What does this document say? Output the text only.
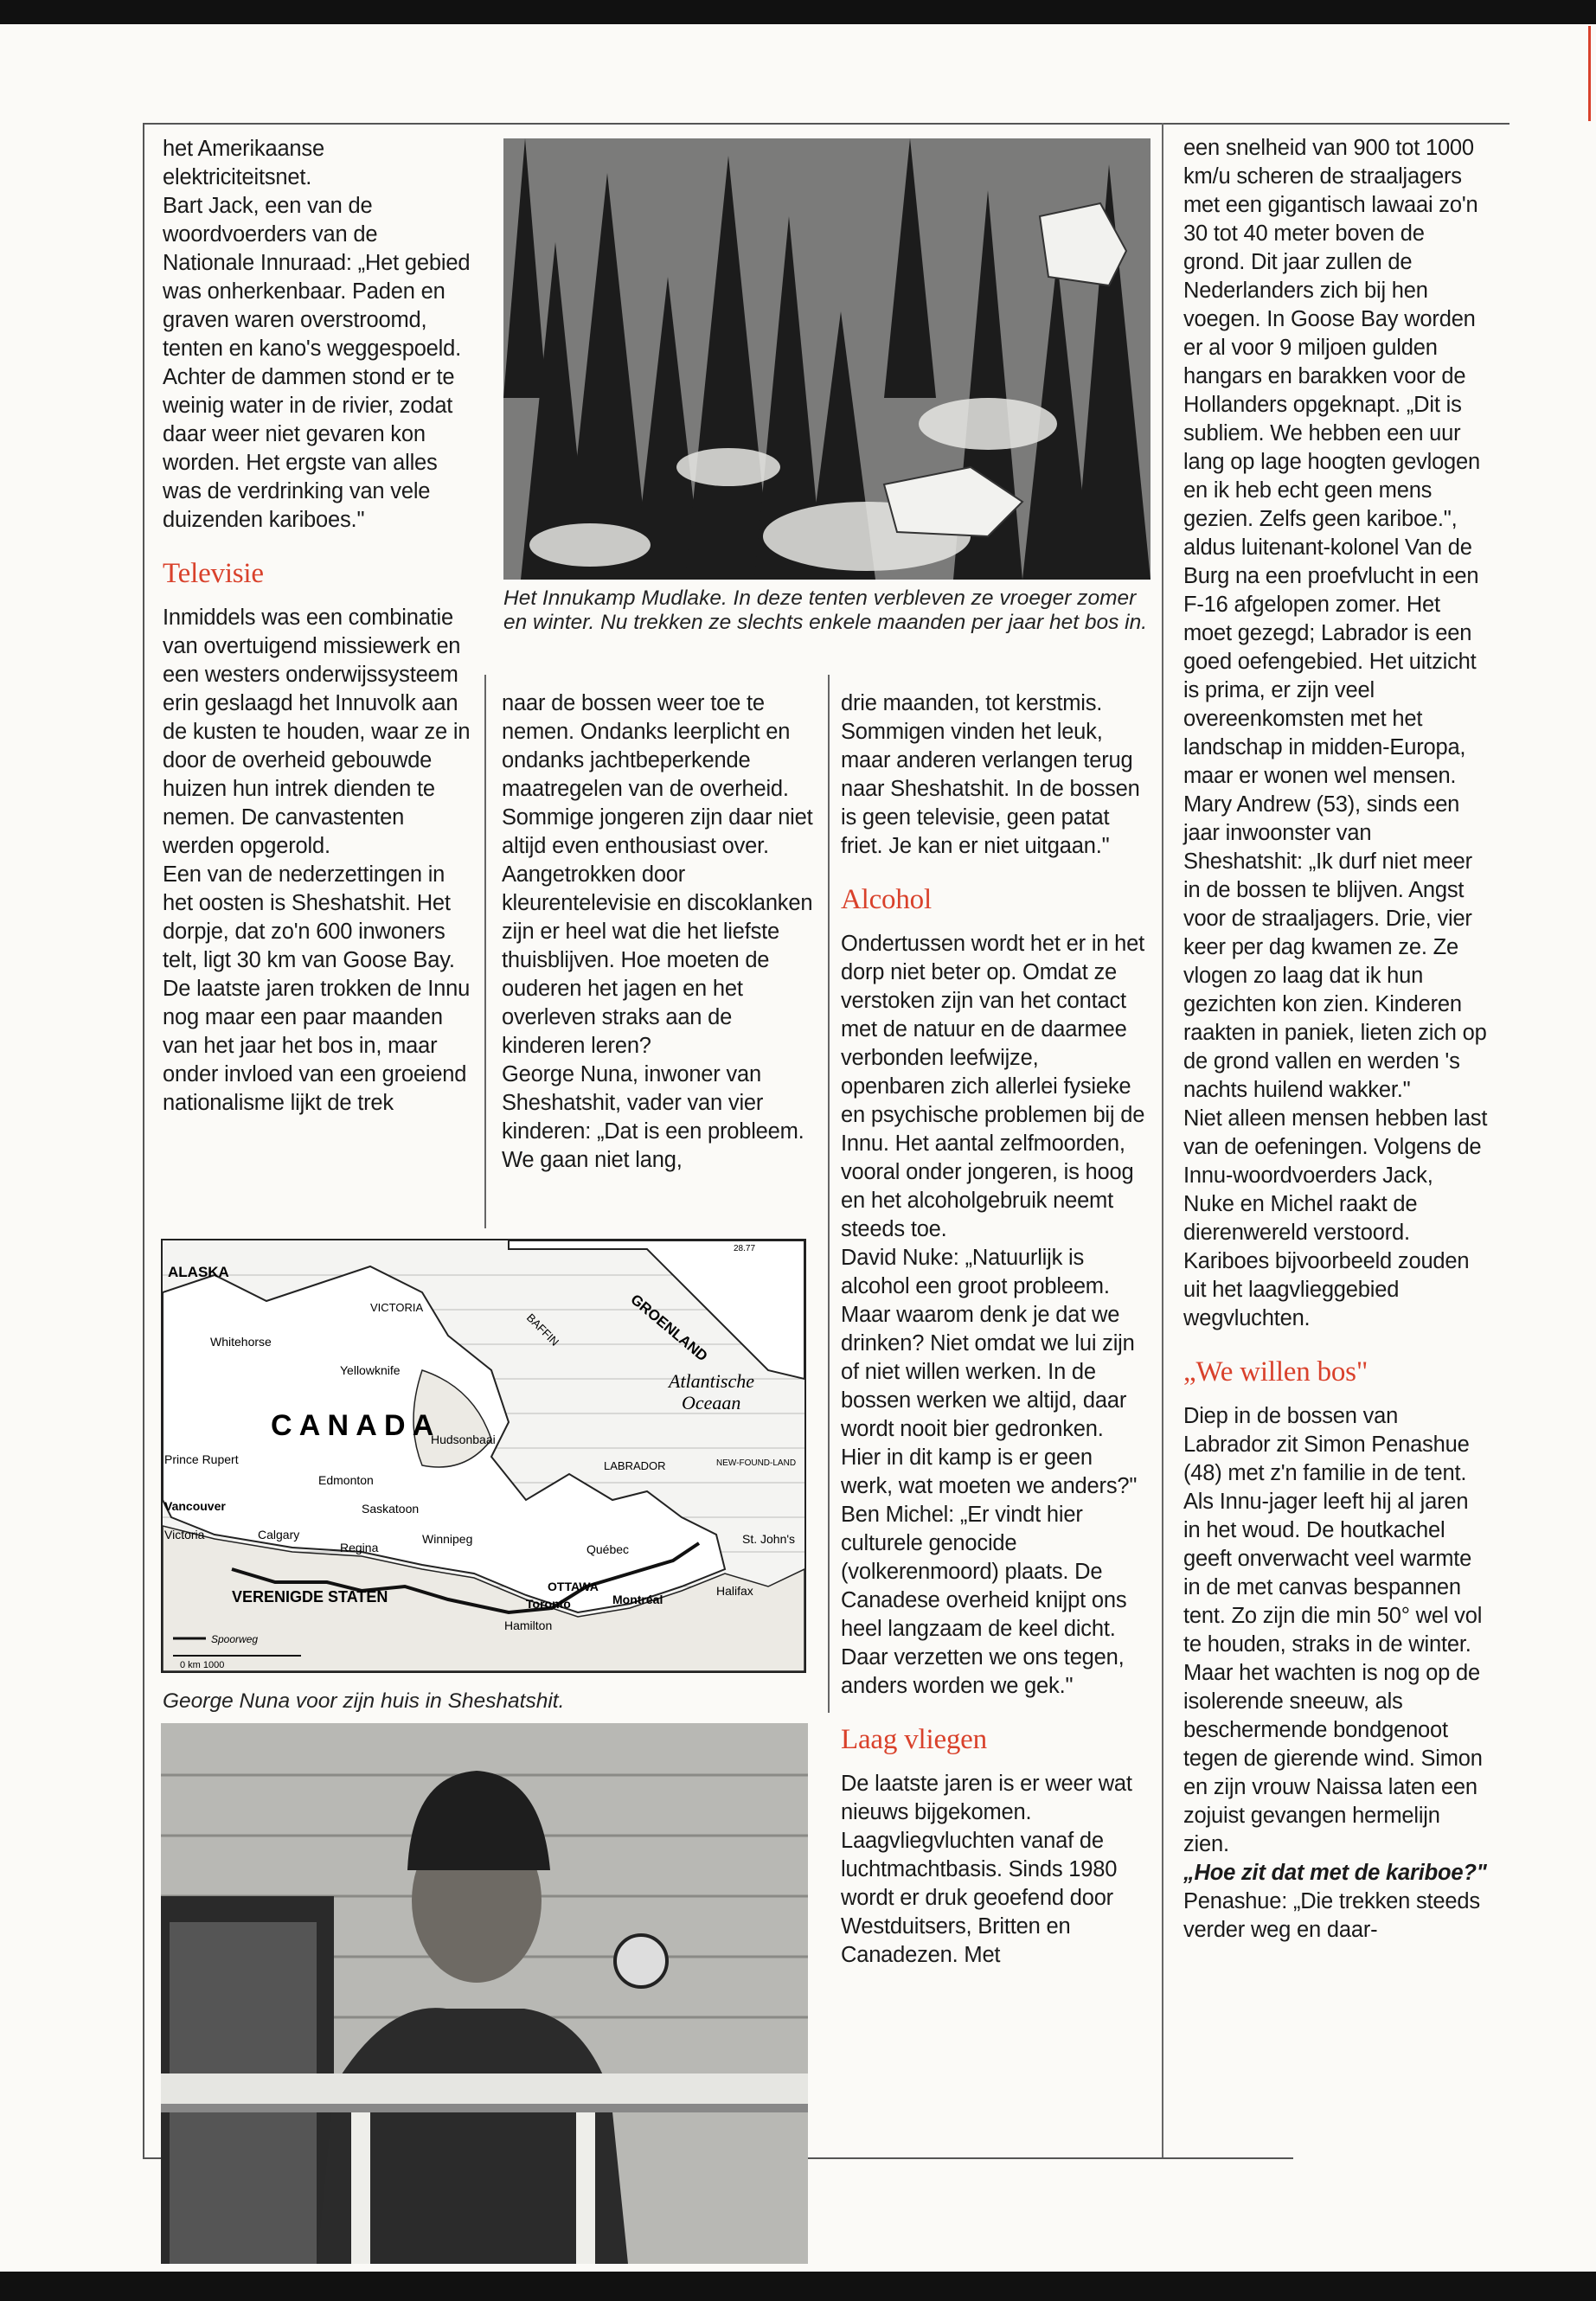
het Amerikaanse elektriciteitsnet.

Bart Jack, een van de woordvoerders van de Nationale Innuraad: „Het gebied was onherkenbaar. Paden en graven waren overstroomd, tenten en kano's weggespoeld. Achter de dammen stond er te weinig water in de rivier, zodat daar weer niet gevaren kon worden. Het ergste van alles was de verdrinking van vele duizenden kariboes."

Televisie

Inmiddels was een combinatie van overtuigend missiewerk en een westers onderwijssysteem erin geslaagd het Innuvolk aan de kusten te houden, waar ze in door de overheid gebouwde huizen hun intrek dienden te nemen. De canvastenten werden opgerold.

Een van de nederzettingen in het oosten is Sheshatshit. Het dorpje, dat zo'n 600 inwoners telt, ligt 30 km van Goose Bay. De laatste jaren trokken de Innu nog maar een paar maanden van het jaar het bos in, maar onder invloed van een groeiend nationalisme lijkt de trek

Het Innukamp Mudlake. In deze tenten verbleven ze vroeger zomer en winter. Nu trekken ze slechts enkele maanden per jaar het bos in.

naar de bossen weer toe te nemen. Ondanks leerplicht en ondanks jachtbeperkende maatregelen van de overheid.

Sommige jongeren zijn daar niet altijd even enthousiast over. Aangetrokken door kleurentelevisie en discoklanken zijn er heel wat die het liefste thuisblijven. Hoe moeten de ouderen het jagen en het overleven straks aan de kinderen leren?

George Nuna, inwoner van Sheshatshit, vader van vier kinderen: „Dat is een probleem. We gaan niet lang,

drie maanden, tot kerstmis. Sommigen vinden het leuk, maar anderen verlangen terug naar Sheshatshit. In de bossen is geen televisie, geen patat friet. Je kan er niet uitgaan."

Alcohol

Ondertussen wordt het er in het dorp niet beter op. Omdat ze verstoken zijn van het contact met de natuur en de daarmee verbonden leefwijze, openbaren zich allerlei fysieke en psychische problemen bij de Innu. Het aantal zelfmoorden, vooral onder jongeren, is hoog en het alcoholgebruik neemt steeds toe.

David Nuke: „Natuurlijk is alcohol een groot probleem. Maar waarom denk je dat we drinken? Niet omdat we lui zijn of niet willen werken. In de bossen werken we altijd, daar wordt nooit bier gedronken. Hier in dit kamp is er geen werk, wat moeten we anders?"

Ben Michel: „Er vindt hier culturele genocide (volkerenmoord) plaats. De Canadese overheid knijpt ons heel langzaam de keel dicht. Daar verzetten we ons tegen, anders worden we gek."

Laag vliegen

De laatste jaren is er weer wat nieuws bijgekomen. Laagvliegvluchten vanaf de luchtmachtbasis. Sinds 1980 wordt er druk geoefend door Westduitsers, Britten en Canadezen. Met

een snelheid van 900 tot 1000 km/u scheren de straaljagers met een gigantisch lawaai zo'n 30 tot 40 meter boven de grond. Dit jaar zullen de Nederlanders zich bij hen voegen. In Goose Bay worden er al voor 9 miljoen gulden hangars en barakken voor de Hollanders opgeknapt. „Dit is subliem. We hebben een uur lang op lage hoogten gevlogen en ik heb echt geen mens gezien. Zelfs geen kariboe.", aldus luitenant-kolonel Van de Burg na een proefvlucht in een F-16 afgelopen zomer. Het moet gezegd; Labrador is een goed oefengebied. Het uitzicht is prima, er zijn veel overeenkomsten met het landschap in midden-Europa, maar er wonen wel mensen.

Mary Andrew (53), sinds een jaar inwoonster van Sheshatshit: „Ik durf niet meer in de bossen te blijven. Angst voor de straaljagers. Drie, vier keer per dag kwamen ze. Ze vlogen zo laag dat ik hun gezichten kon zien. Kinderen raakten in paniek, lieten zich op de grond vallen en werden 's nachts huilend wakker."

Niet alleen mensen hebben last van de oefeningen. Volgens de Innu-woordvoerders Jack, Nuke en Michel raakt de dierenwereld verstoord. Kariboes bijvoorbeeld zouden uit het laagvlieggebied wegvluchten.

„We willen bos"

Diep in de bossen van Labrador zit Simon Penashue (48) met z'n familie in de tent. Als Innu-jager leeft hij al jaren in het woud. De houtkachel geeft onverwacht veel warmte in de met canvas bespannen tent. Zo zijn die min 50° wel vol te houden, straks in de winter. Maar het wachten is nog op de isolerende sneeuw, als beschermende bondgenoot tegen de gierende wind. Simon en zijn vrouw Naissa laten een zojuist gevangen hermelijn zien.

„Hoe zit dat met de kariboe?"

Penashue: „Die trekken steeds verder weg en daar-

ALASKA
GROENLAND
VICTORIA
BAFFIN
C A N A D A
Hudsonbaai
LABRADOR
Atlantische
Oceaan
NEW-FOUND-LAND
VERENIGDE STATEN
28.77
Whitehorse
Yellowknife
Prince Rupert
Edmonton
Vancouver
Victoria	Calgary
Saskatoon
Regina
Winnipeg
Québec
OTTAWA
Toronto	Montréal
Hamilton
Halifax
St. John's
Spoorweg
0 km 1000
George Nuna voor zijn huis in Sheshatshit.
